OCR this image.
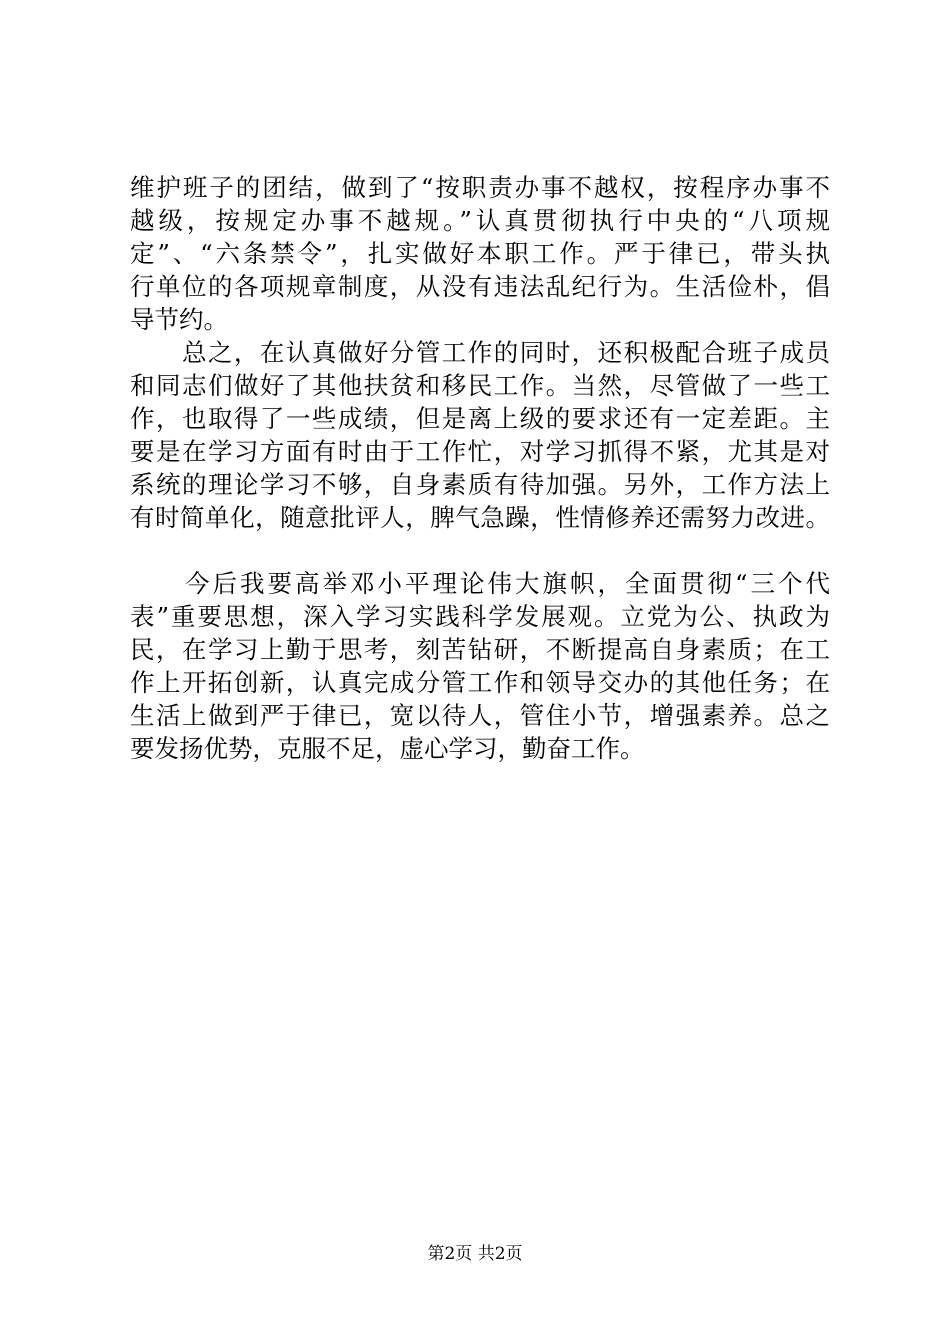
维护班子的团结，做到了“按职责办事不越权，按程序办事不
越级，按规定办事不越规。”认真贯彻执行中央的“八项规
定”、“六条禁令”，扎实做好本职工作。严于律已，带头执
行单位的各项规章制度，从没有违法乱纪行为。生活俭朴，倡
导节约。
　　总之，在认真做好分管工作的同时，还积极配合班子成员
和同志们做好了其他扶贫和移民工作。当然，尽管做了一些工
作，也取得了一些成绩，但是离上级的要求还有一定差距。主
要是在学习方面有时由于工作忙，对学习抓得不紧，尤其是对
系统的理论学习不够，自身素质有待加强。另外，工作方法上
有时简单化，随意批评人，脾气急躁，性情修养还需努力改进。
　　今后我要高举邓小平理论伟大旗帜，全面贯彻“三个代
表”重要思想，深入学习实践科学发展观。立党为公、执政为
民，在学习上勤于思考，刻苦钻研，不断提高自身素质；在工
作上开拓创新，认真完成分管工作和领导交办的其他任务；在
生活上做到严于律已，宽以待人，管住小节，增强素养。总之
要发扬优势，克服不足，虚心学习，勤奋工作。
第2页 共2页
